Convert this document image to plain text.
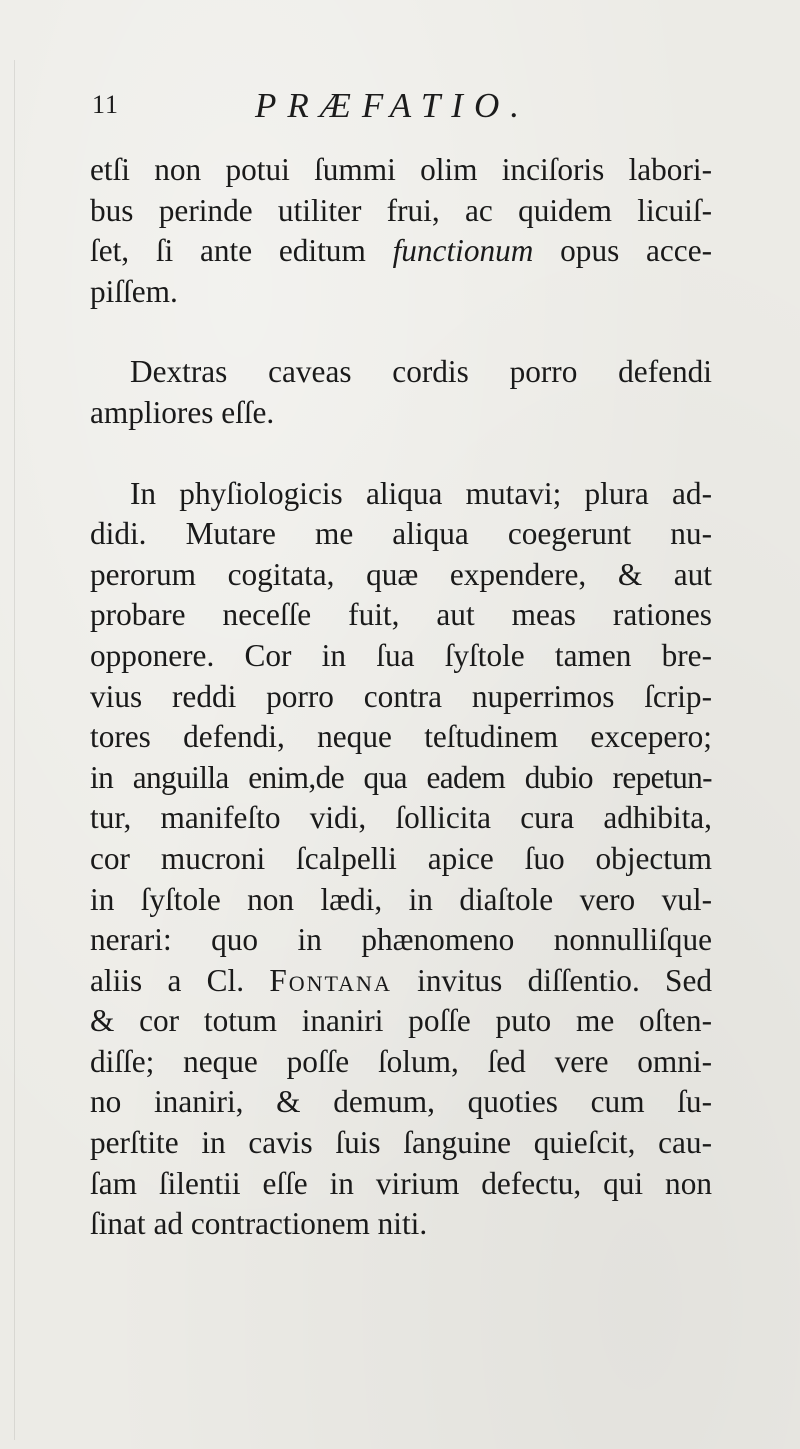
11	PRÆFATIO.

etſi non potui ſummi olim inciſoris labori-
bus perinde utiliter frui, ac quidem licuiſ-
ſet, ſi ante editum functionum opus acce-
piſſem.

Dextras caveas cordis porro defendi
ampliores eſſe.

In phyſiologicis aliqua mutavi; plura ad-
didi. Mutare me aliqua coegerunt nu-
perorum cogitata, quæ expendere, & aut
probare neceſſe fuit, aut meas rationes
opponere. Cor in ſua ſyſtole tamen bre-
vius reddi porro contra nuperrimos ſcrip-
tores defendi, neque teſtudinem excepero;
in anguilla enim,de qua eadem dubio repetun-
tur, manifeſto vidi, ſollicita cura adhibita,
cor mucroni ſcalpelli apice ſuo objectum
in ſyſtole non lædi, in diaſtole vero vul-
nerari: quo in phænomeno nonnulliſque
aliis a Cl. Fontana invitus diſſentio. Sed
& cor totum inaniri poſſe puto me oſten-
diſſe; neque poſſe ſolum, ſed vere omni-
no inaniri, & demum, quoties cum ſu-
perſtite in cavis ſuis ſanguine quieſcit, cau-
ſam ſilentii eſſe in virium defectu, qui non
ſinat ad contractionem niti.
